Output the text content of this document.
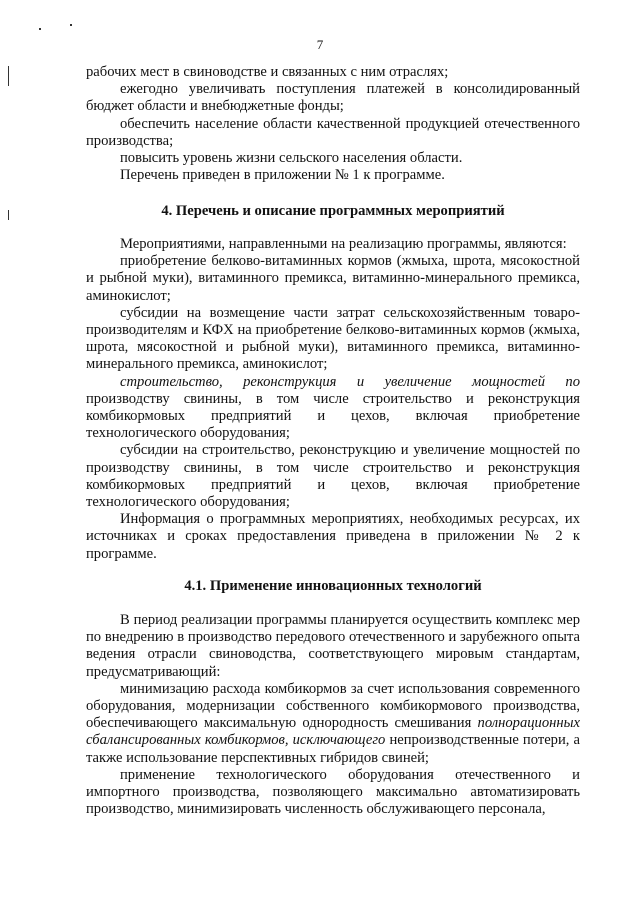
7

рабочих мест в свиноводстве и связанных с ним отраслях;

ежегодно увеличивать поступления платежей в консолидированный бюджет области и внебюджетные фонды;

обеспечить население области качественной продукцией отечественного производства;

повысить уровень жизни сельского населения области.

Перечень приведен в приложении № 1 к программе.

4. Перечень и описание программных мероприятий

Мероприятиями, направленными на реализацию программы, являются:

приобретение белково-витаминных кормов (жмыха, шрота, мясокостной и рыбной муки), витаминного премикса, витаминно-минерального премикса, аминокислот;

субсидии на возмещение части затрат сельскохозяйственным товаро-производителям и КФХ на приобретение белково-витаминных кормов (жмыха, шрота, мясокостной и рыбной муки), витаминного премикса, витаминно-минерального премикса, аминокислот;

строительство, реконструкция и увеличение мощностей по производству свинины, в том числе строительство и реконструкция комбикормовых предприятий и цехов, включая приобретение технологического оборудования;

субсидии на строительство, реконструкцию и увеличение мощностей по производству свинины, в том числе строительство и реконструкция комбикормовых предприятий и цехов, включая приобретение технологического оборудования;

Информация о программных мероприятиях, необходимых ресурсах, их источниках и сроках предоставления приведена в приложении № 2 к программе.

4.1. Применение инновационных технологий

В период реализации программы планируется осуществить комплекс мер по внедрению в производство передового отечественного и зарубежного опыта ведения отрасли свиноводства, соответствующего мировым стандартам, предусматривающий:

минимизацию расхода комбикормов за счет использования современного оборудования, модернизации собственного комбикормового производства, обеспечивающего максимальную однородность смешивания полнорационных сбалансированных комбикормов, исключающего непроизводственные потери, а также использование перспективных гибридов свиней;

применение технологического оборудования отечественного и импортного производства, позволяющего максимально автоматизировать производство, минимизировать численность обслуживающего персонала,
